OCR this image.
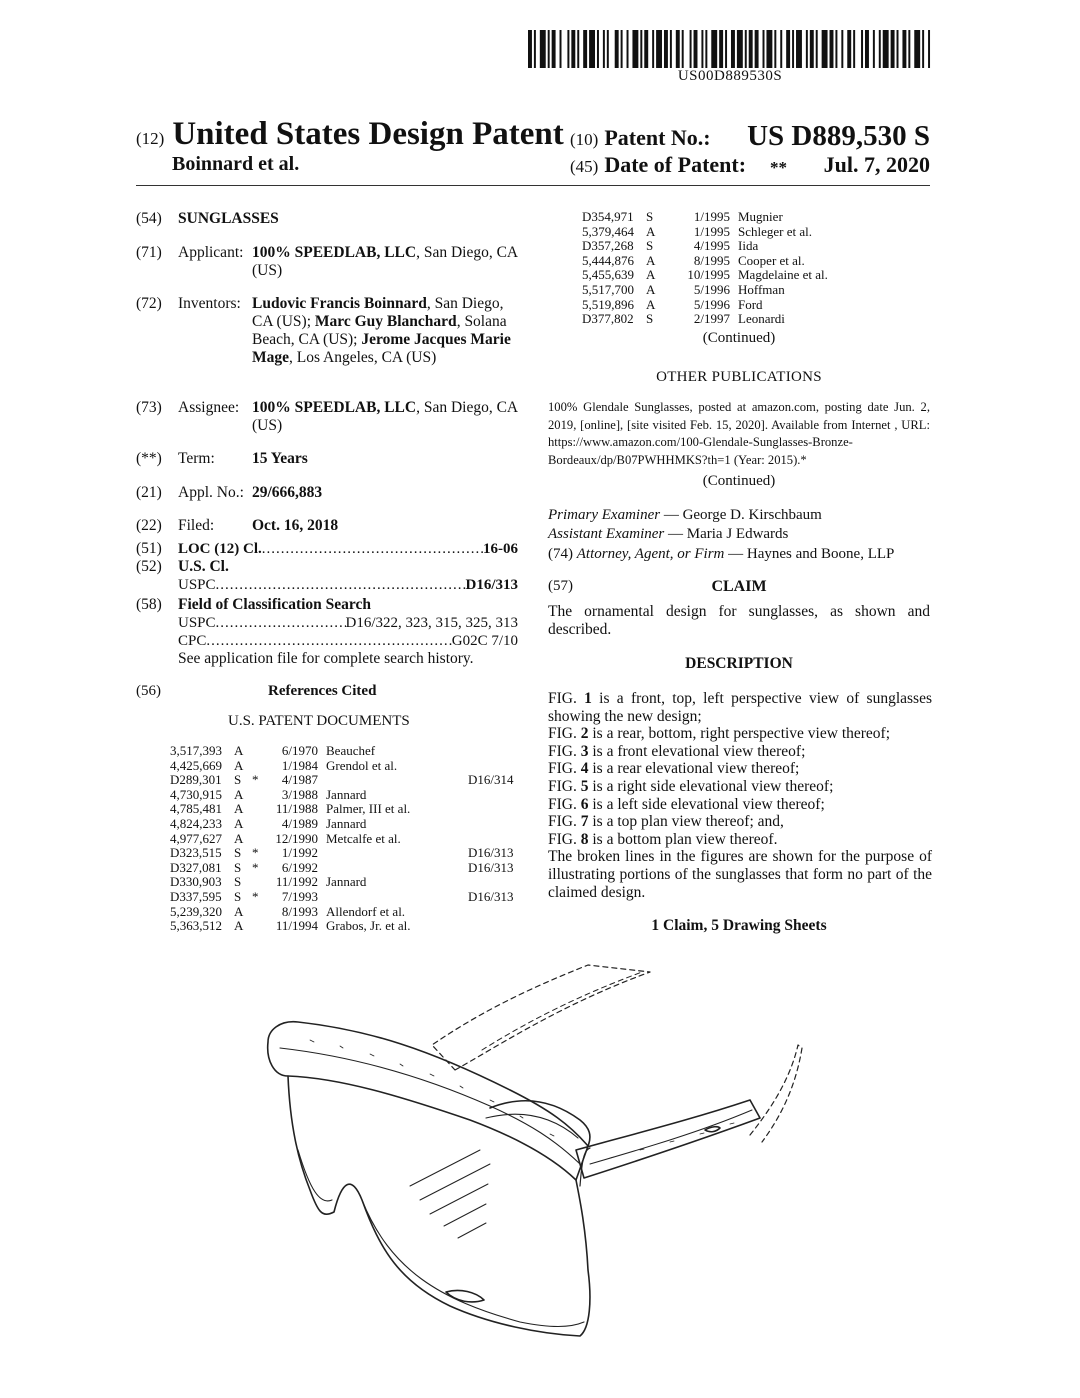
US00D889530S
(12) United States Design Patent
Boinnard et al.
(10) Patent No.: US D889,530 S
(45) Date of Patent: ** Jul. 7, 2020
(54)	SUNGLASSES
(71)	Applicant: 100% SPEEDLAB, LLC, San Diego, CA (US)
(72)	Inventors: Ludovic Francis Boinnard, San Diego, CA (US); Marc Guy Blanchard, Solana Beach, CA (US); Jerome Jacques Marie Mage, Los Angeles, CA (US)
(73)	Assignee: 100% SPEEDLAB, LLC, San Diego, CA (US)
(**)	Term: 15 Years
(21)	Appl. No.: 29/666,883
(22)	Filed: Oct. 16, 2018
(51)	LOC (12) Cl. .....	16-06
(52)	U.S. Cl.
USPC .....	D16/313
(58)	Field of Classification Search
USPC .....	D16/322, 323, 315, 325, 313
CPC .....	G02C 7/10
See application file for complete search history.
(56)	References Cited
U.S. PATENT DOCUMENTS
3,517,393 A	6/1970 Beauchef
4,425,669 A	1/1984 Grendol et al.
D289,301 S *	4/1987	D16/314
4,730,915 A	3/1988 Jannard
4,785,481 A	11/1988 Palmer, III et al.
4,824,233 A	4/1989 Jannard
4,977,627 A	12/1990 Metcalfe et al.
D323,515 S *	1/1992	D16/313
D327,081 S *	6/1992	D16/313
D330,903 S	11/1992 Jannard
D337,595 S *	7/1993	D16/313
5,239,320 A	8/1993 Allendorf et al.
5,363,512 A	11/1994 Grabos, Jr. et al.
D354,971 S	1/1995 Mugnier
5,379,464 A	1/1995 Schleger et al.
D357,268 S	4/1995 Iida
5,444,876 A	8/1995 Cooper et al.
5,455,639 A	10/1995 Magdelaine et al.
5,517,700 A	5/1996 Hoffman
5,519,896 A	5/1996 Ford
D377,802 S	2/1997 Leonardi
(Continued)
OTHER PUBLICATIONS
100% Glendale Sunglasses, posted at amazon.com, posting date Jun. 2, 2019, [online], [site visited Feb. 15, 2020]. Available from Internet , URL: https://www.amazon.com/100-Glendale-Sunglasses-Bronze-Bordeaux/dp/B07PWHHMKS?th=1 (Year: 2015).*
(Continued)
Primary Examiner — George D. Kirschbaum
Assistant Examiner — Maria J Edwards
(74) Attorney, Agent, or Firm — Haynes and Boone, LLP
CLAIM
(57)
The ornamental design for sunglasses, as shown and described.
DESCRIPTION
FIG. 1 is a front, top, left perspective view of sunglasses showing the new design;
FIG. 2 is a rear, bottom, right perspective view thereof;
FIG. 3 is a front elevational view thereof;
FIG. 4 is a rear elevational view thereof;
FIG. 5 is a right side elevational view thereof;
FIG. 6 is a left side elevational view thereof;
FIG. 7 is a top plan view thereof; and,
FIG. 8 is a bottom plan view thereof.
The broken lines in the figures are shown for the purpose of illustrating portions of the sunglasses that form no part of the claimed design.
1 Claim, 5 Drawing Sheets
